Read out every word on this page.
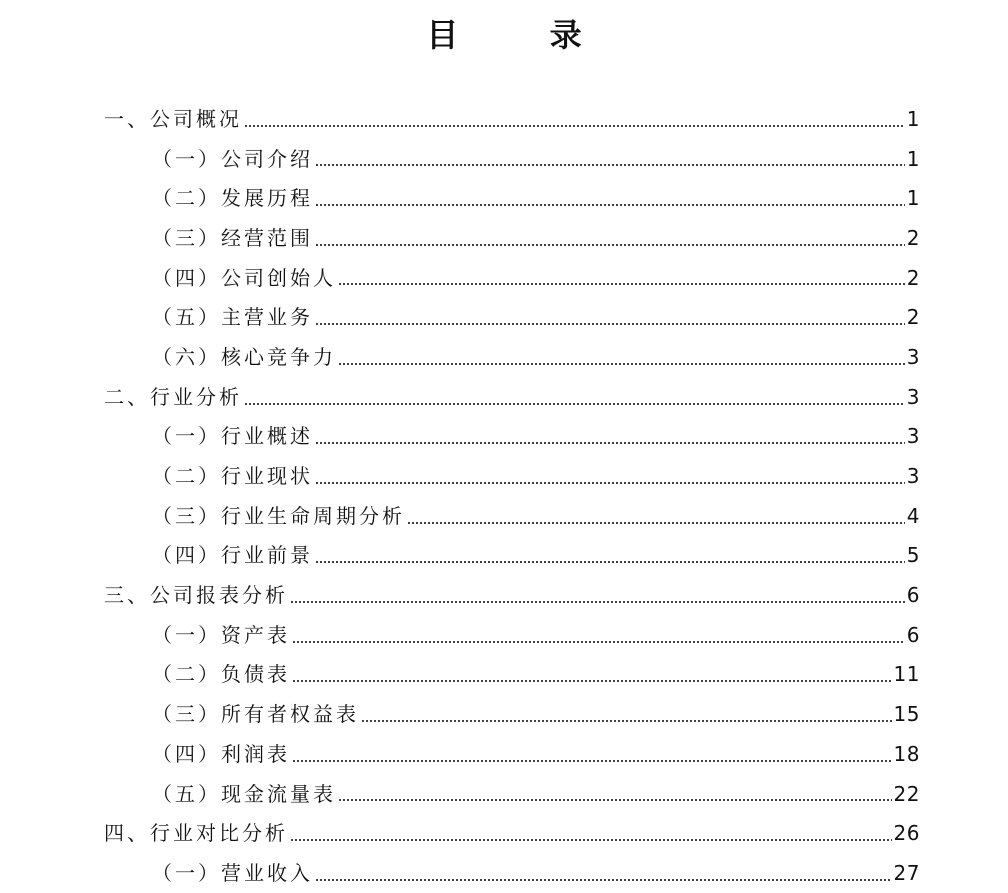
目 录
一、公司概况	1
（一）公司介绍	1
（二）发展历程	1
（三）经营范围	2
（四）公司创始人	2
（五）主营业务	2
（六）核心竞争力	3
二、行业分析	3
（一）行业概述	3
（二）行业现状	3
（三）行业生命周期分析	4
（四）行业前景	5
三、公司报表分析	6
（一）资产表	6
（二）负债表	11
（三）所有者权益表	15
（四）利润表	18
（五）现金流量表	22
四、行业对比分析	26
（一）营业收入	27
